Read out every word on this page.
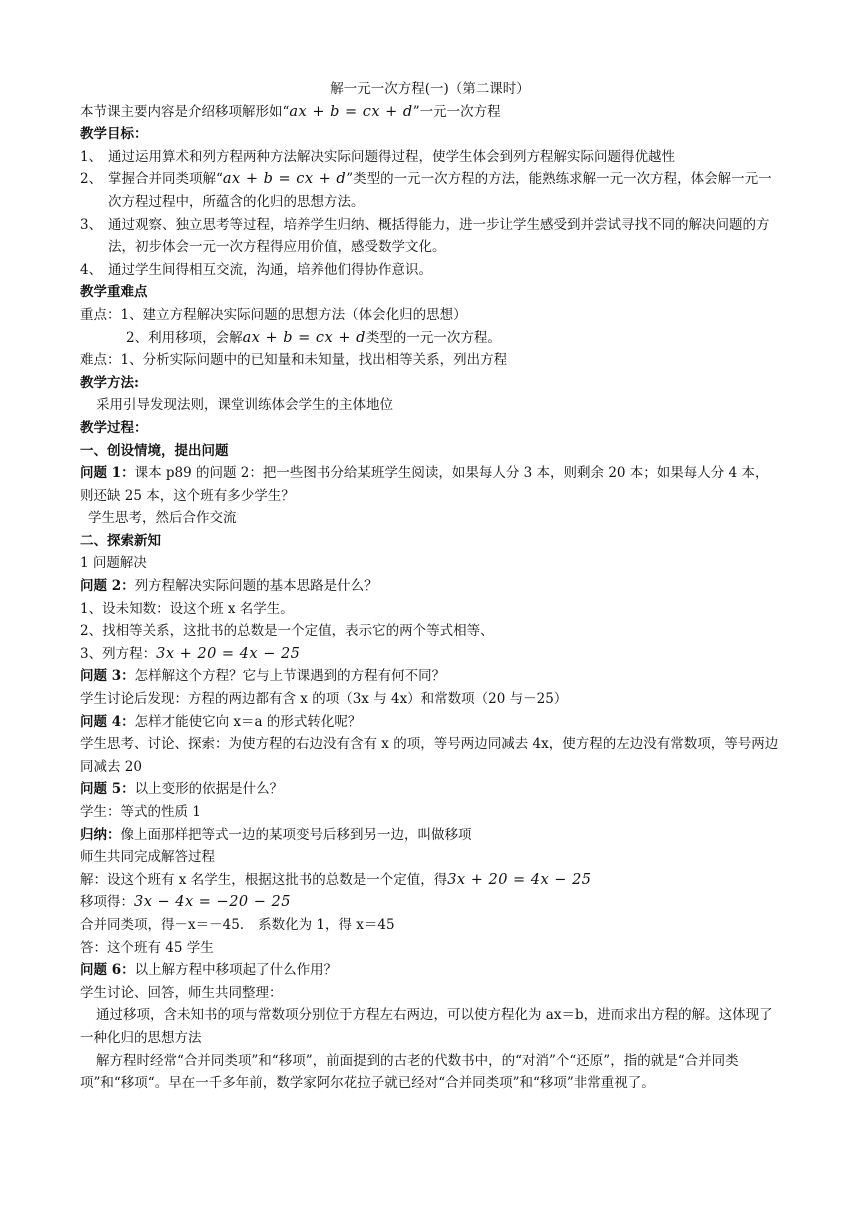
解一元一次方程(一)（第二课时）
本节课主要内容是介绍移项解形如“ax + b = cx + d”一元一次方程
教学目标：
1、 通过运用算术和列方程两种方法解决实际问题得过程，使学生体会到列方程解实际问题得优越性
2、 掌握合并同类项解“ax + b = cx + d”类型的一元一次方程的方法，能熟练求解一元一次方程，体会解一元一次方程过程中，所蕴含的化归的思想方法。
3、 通过观察、独立思考等过程，培养学生归纳、概括得能力，进一步让学生感受到并尝试寻找不同的解决问题的方法，初步体会一元一次方程得应用价值，感受数学文化。
4、 通过学生间得相互交流，沟通，培养他们得协作意识。
教学重难点
重点：1、建立方程解决实际问题的思想方法（体会化归的思想）
2、利用移项，会解ax + b = cx + d类型的一元一次方程。
难点：1、分析实际问题中的已知量和未知量，找出相等关系，列出方程
教学方法:
采用引导发现法则，课堂训练体会学生的主体地位
教学过程：
一、创设情境，提出问题
问题 1：课本 p89 的问题 2：把一些图书分给某班学生阅读，如果每人分 3 本，则剩余 20 本；如果每人分 4 本，则还缺 25 本，这个班有多少学生？
学生思考，然后合作交流
二、探索新知
1 问题解决
问题 2：列方程解决实际问题的基本思路是什么？
1、设未知数：设这个班 x 名学生。
2、找相等关系，这批书的总数是一个定值，表示它的两个等式相等、
3、列方程：3x + 20 = 4x − 25
问题 3：怎样解这个方程？它与上节课遇到的方程有何不同？
学生讨论后发现：方程的两边都有含 x 的项（3x 与 4x）和常数项（20 与－25）
问题 4：怎样才能使它向 x＝a 的形式转化呢？
学生思考、讨论、探索：为使方程的右边没有含有 x 的项，等号两边同减去 4x，使方程的左边没有常数项，等号两边同减去 20
问题 5：以上变形的依据是什么？
学生：等式的性质 1
归纳：像上面那样把等式一边的某项变号后移到另一边，叫做移项
师生共同完成解答过程
解：设这个班有 x 名学生，根据这批书的总数是一个定值，得3x + 20 = 4x − 25
移项得：3x − 4x = −20 − 25
合并同类项，得－x＝－45. 系数化为 1，得 x＝45
答：这个班有 45 学生
问题 6：以上解方程中移项起了什么作用？
学生讨论、回答，师生共同整理：
通过移项，含未知书的项与常数项分别位于方程左右两边，可以使方程化为 ax＝b，进而求出方程的解。这体现了一种化归的思想方法
解方程时经常“合并同类项”和“移项”，前面提到的古老的代数书中，的“对消”个“还原”，指的就是“合并同类项”和“移项“。早在一千多年前，数学家阿尔花拉子就已经对“合并同类项”和“移项”非常重视了。
